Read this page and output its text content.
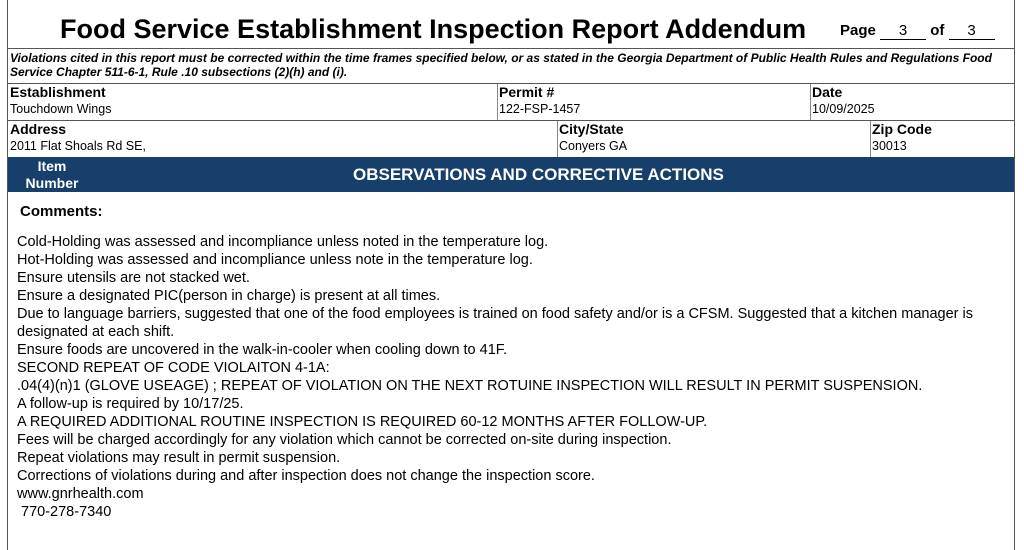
Food Service Establishment Inspection Report Addendum Page 3 of 3
Violations cited in this report must be corrected within the time frames specified below, or as stated in the Georgia Department of Public Health Rules and Regulations Food Service Chapter 511-6-1, Rule .10 subsections (2)(h) and (i).
Establishment
Touchdown Wings
Permit #
122-FSP-1457
Date
10/09/2025
Address
2011 Flat Shoals Rd SE,
City/State
Conyers GA
Zip Code
30013
Item Number	OBSERVATIONS AND CORRECTIVE ACTIONS
Comments:
Cold-Holding was assessed and incompliance unless noted in the temperature log.
Hot-Holding was assessed and incompliance unless note in the temperature log.
Ensure utensils are not stacked wet.
Ensure a designated PIC(person in charge) is present at all times.
Due to language barriers, suggested that one of the food employees is trained on food safety and/or is a CFSM. Suggested that a kitchen manager is designated at each shift.
Ensure foods are uncovered in the walk-in-cooler when cooling down to 41F.
SECOND REPEAT OF CODE VIOLAITON 4-1A:
.04(4)(n)1 (GLOVE USEAGE) ; REPEAT OF VIOLATION ON THE NEXT ROTUINE INSPECTION WILL RESULT IN PERMIT SUSPENSION.
A follow-up is required by 10/17/25.
A REQUIRED ADDITIONAL ROUTINE INSPECTION IS REQUIRED 60-12 MONTHS AFTER FOLLOW-UP.
Fees will be charged accordingly for any violation which cannot be corrected on-site during inspection.
Repeat violations may result in permit suspension.
Corrections of violations during and after inspection does not change the inspection score.
www.gnrhealth.com
770-278-7340
